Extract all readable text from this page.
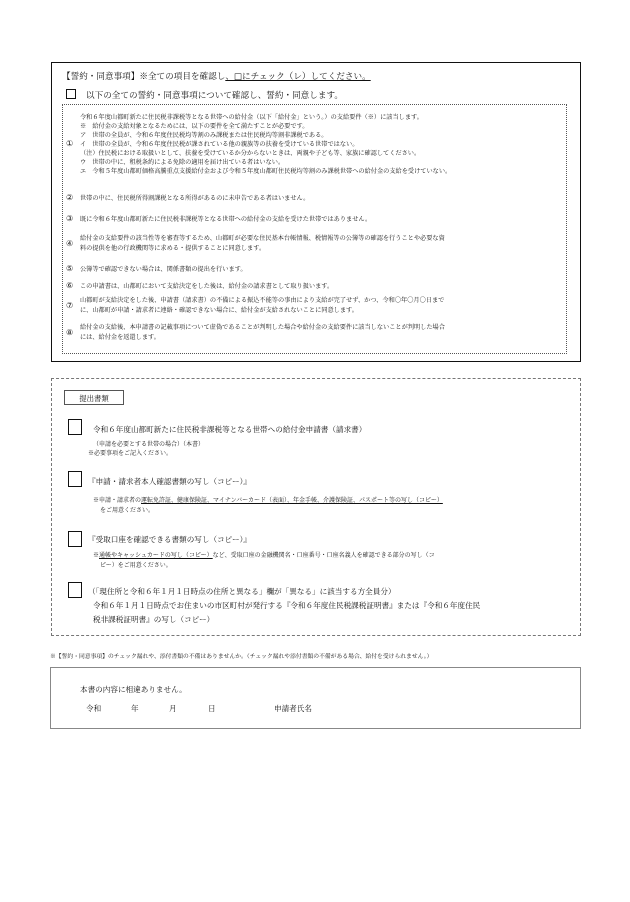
【誓約・同意事項】※全ての項目を確認し、□にチェック（レ）してください。
以下の全ての誓約・同意事項について確認し、誓約・同意します。
令和６年度山都町新たに住民税非課税等となる世帯への給付金（以下「給付金」という。）の支給要件（※）に該当します。
※　給付金の支給対象となるためには、以下の要件を全て満たすことが必要です。
ア　世帯の全員が、令和６年度住民税均等割のみ課税または住民税均等割非課税である。
① イ　世帯の全員が、令和６年度住民税が課されている他の親族等の扶養を受けている世帯ではない。
（注）住民税における取扱いとして、扶養を受けているか分からないときは、両親や子ども等、家族に確認してください。
ウ　世帯の中に、租税条約による免除の適用を届け出ている者はいない。
エ　令和５年度山都町価格高騰重点支援給付金および令和５年度山都町住民税均等割のみ課税世帯への給付金の支給を受けていない。
② 世帯の中に、住民税所得割課税となる所得があるのに未申告である者はいません。
③ 既に令和６年度山都町新たに住民税非課税等となる世帯への給付金の支給を受けた世帯ではありません。
④
給付金の支給要件の該当性等を審査等するため、山都町が必要な住民基本台帳情報、税情報等の公簿等の確認を行うことや必要な資
料の提供を他の行政機関等に求める・提供することに同意します。
⑤ 公簿等で確認できない場合は、関係書類の提出を行います。
⑥ この申請書は、山都町において支給決定をした後は、給付金の請求書として取り扱います。
⑦
山都町が支給決定をした後、申請書（請求書）の不備による振込不能等の事由により支給が完了せず、かつ、令和〇年〇月〇日まで
に、山都町が申請・請求者に連絡・確認できない場合に、給付金が支給されないことに同意します。
⑧
給付金の支給後、本申請書の記載事項について虚偽であることが判明した場合や給付金の支給要件に該当しないことが判明した場合
には、給付金を返還します。
提出書類
令和６年度山都町新たに住民税非課税等となる世帯への給付金申請書（請求書）
（申請を必要とする世帯の場合）（本書）
※必要事項をご記入ください。
『申請・請求者本人確認書類の写し（コピー）』
※申請・請求者の運転免許証、健康保険証、マイナンバーカード（表面）、年金手帳、介護保険証、パスポート等の写し（コピー）
をご用意ください。
『受取口座を確認できる書類の写し（コピー）』
※通帳やキャッシュカードの写し（コピー）など、受取口座の金融機関名・口座番号・口座名義人を確認できる部分の写し（コ
ピー）をご用意ください。
（「現住所と令和６年１月１日時点の住所と異なる」欄が「異なる」に該当する方全員分）
令和６年１月１日時点でお住まいの市区町村が発行する『令和６年度住民税課税証明書』または『令和６年度住民
税非課税証明書』の写し（コピー）
※【誓約・同意事項】のチェック漏れや、添付書類の不備はありませんか。（チェック漏れや添付書類の不備がある場合、給付を受けられません。）
本書の内容に相違ありません。
令和	年	月	日	申請者氏名
